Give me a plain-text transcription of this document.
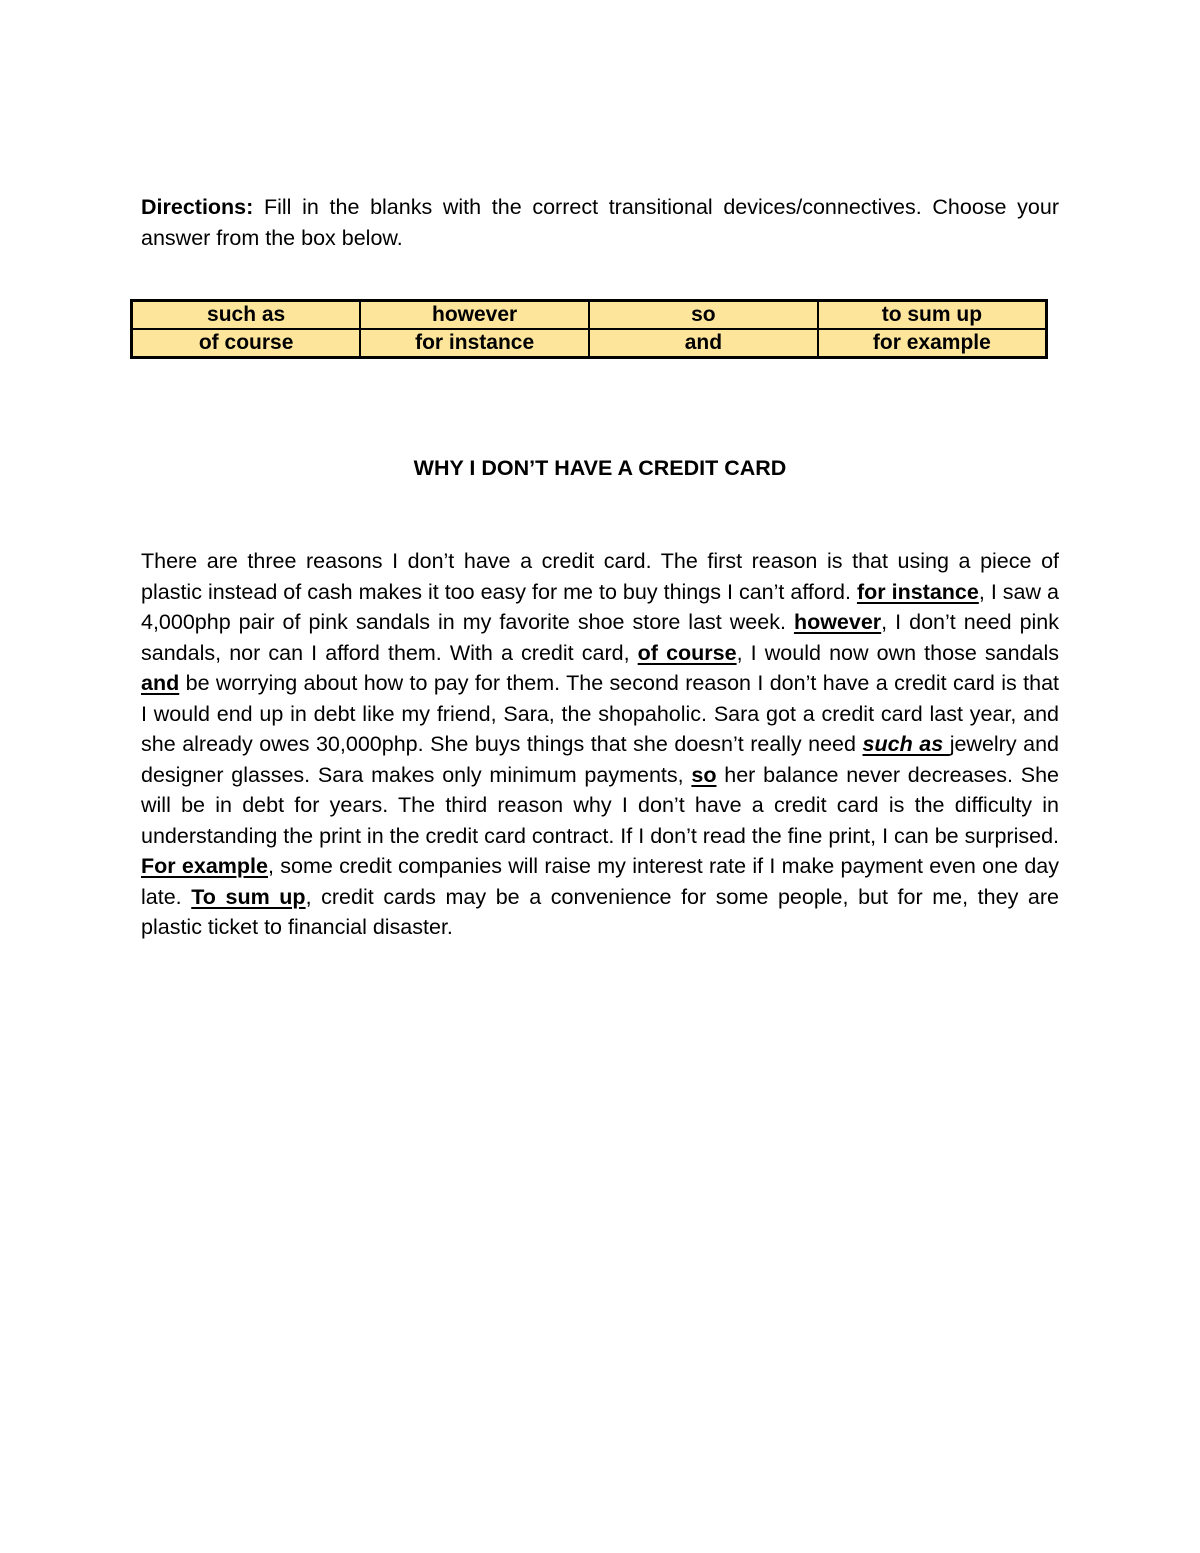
Directions: Fill in the blanks with the correct transitional devices/connectives. Choose your answer from the box below.

such as	however	so	to sum up
of course	for instance	and	for example
WHY I DON’T HAVE A CREDIT CARD

There are three reasons I don’t have a credit card. The first reason is that using a piece of plastic instead of cash makes it too easy for me to buy things I can’t afford. for instance, I saw a 4,000php pair of pink sandals in my favorite shoe store last week. however, I don’t need pink sandals, nor can I afford them. With a credit card, of course, I would now own those sandals and be worrying about how to pay for them. The second reason I don’t have a credit card is that I would end up in debt like my friend, Sara, the shopaholic. Sara got a credit card last year, and she already owes 30,000php. She buys things that she doesn’t really need such as jewelry and designer glasses. Sara makes only minimum payments, so her balance never decreases. She will be in debt for years. The third reason why I don’t have a credit card is the difficulty in understanding the print in the credit card contract. If I don’t read the fine print, I can be surprised. For example, some credit companies will raise my interest rate if I make payment even one day late. To sum up, credit cards may be a convenience for some people, but for me, they are plastic ticket to financial disaster.
